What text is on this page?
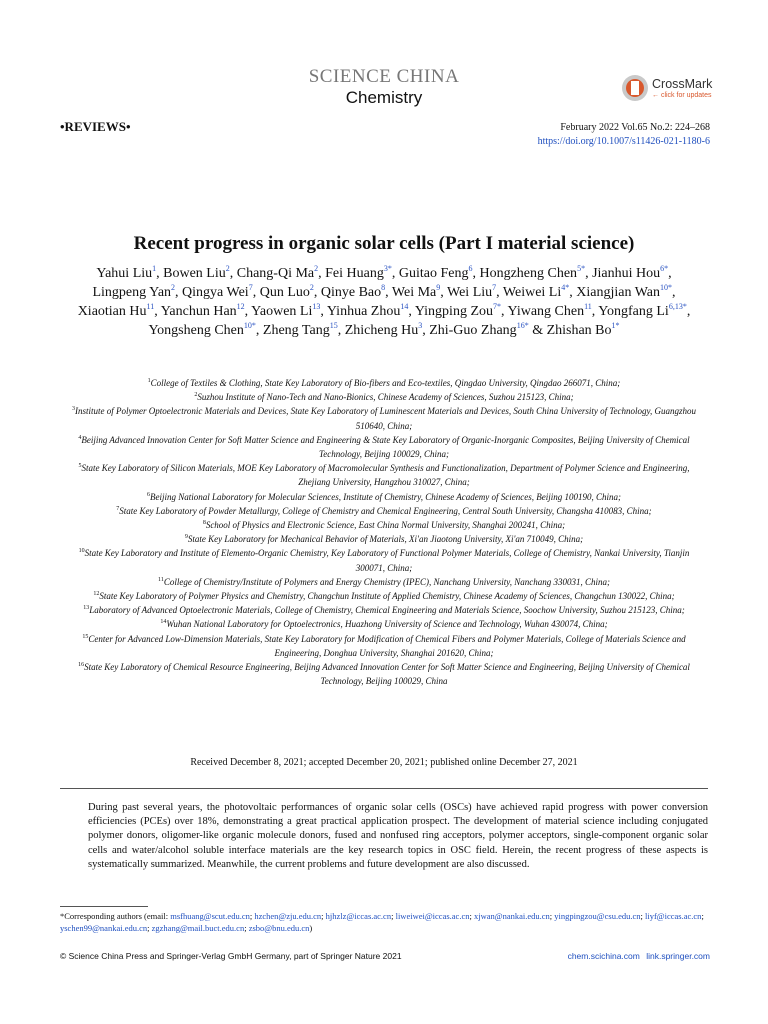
SCIENCE CHINA
Chemistry
CrossMark
← click for updates
•REVIEWS•	February 2022 Vol.65 No.2: 224–268
https://doi.org/10.1007/s11426-021-1180-6
Recent progress in organic solar cells (Part I material science)
Yahui Liu$^1$, Bowen Liu$^2$, Chang-Qi Ma$^2$, Fei Huang$^{3*}$, Guitao Feng$^6$, Hongzheng Chen$^{5*}$, Jianhui Hou$^{6*}$, Lingpeng Yan$^2$, Qingya Wei$^7$, Qun Luo$^2$, Qinye Bao$^8$, Wei Ma$^9$, Wei Liu$^7$, Weiwei $Li^{4*}$, Xiangjian Wan$^{10*}$, Xiaotian Hu$^{11}$, Yanchun Han$^{12}$, Yaowen Li$^{13}$, Yinhua Zhou$^{14}$, Yingping Zou$^{7*}$, Yiwang Chen$^{11}$, Yongfang $Li^{6,13*}$, Yongsheng Chen$^{10*}$, Zheng Tang$^{15}$, Zhicheng Hu$^3$, Zhi-Guo Zhang$^{16*}$ & Zhishan $Bo^{1*}$
$^1$College of Textiles & Clothing, State Key Laboratory of Bio-fibers and Eco-textiles, Qingdao University, Qingdao 266071, China;
$^2$Suzhou Institute of Nano-Tech and Nano-Bionics, Chinese Academy of Sciences, Suzhou 215123, China;
$^3$Institute of Polymer Optoelectronic Materials and Devices, State Key Laboratory of Luminescent Materials and Devices, South China University of Technology, Guangzhou 510640, China;
$^4$Beijing Advanced Innovation Center for Soft Matter Science and Engineering & State Key Laboratory of Organic-Inorganic Composites, Beijing University of Chemical Technology, Beijing 100029, China;
$^5$State Key Laboratory of Silicon Materials, MOE Key Laboratory of Macromolecular Synthesis and Functionalization, Department of Polymer Science and Engineering, Zhejiang University, Hangzhou 310027, China;
$^6$Beijing National Laboratory for Molecular Sciences, Institute of Chemistry, Chinese Academy of Sciences, Beijing 100190, China;
$^7$State Key Laboratory of Powder Metallurgy, College of Chemistry and Chemical Engineering, Central South University, Changsha 410083, China;
$^8$School of Physics and Electronic Science, East China Normal University, Shanghai 200241, China;
$^9$State Key Laboratory for Mechanical Behavior of Materials, Xi'an Jiaotong University, Xi'an 710049, China;
$^{10}$State Key Laboratory and Institute of Elemento-Organic Chemistry, Key Laboratory of Functional Polymer Materials, College of Chemistry, Nankai University, Tianjin 300071, China;
$^{11}$College of Chemistry/Institute of Polymers and Energy Chemistry (IPEC), Nanchang University, Nanchang 330031, China;
$^{12}$State Key Laboratory of Polymer Physics and Chemistry, Changchun Institute of Applied Chemistry, Chinese Academy of Sciences, Changchun 130022, China;
$^{13}$Laboratory of Advanced Optoelectronic Materials, College of Chemistry, Chemical Engineering and Materials Science, Soochow University, Suzhou 215123, China;
$^{14}$Wuhan National Laboratory for Optoelectronics, Huazhong University of Science and Technology, Wuhan 430074, China;
$^{15}$Center for Advanced Low-Dimension Materials, State Key Laboratory for Modification of Chemical Fibers and Polymer Materials, College of Materials Science and Engineering, Donghua University, Shanghai 201620, China;
$^{16}$State Key Laboratory of Chemical Resource Engineering, Beijing Advanced Innovation Center for Soft Matter Science and Engineering, Beijing University of Chemical Technology, Beijing 100029, China
Received December 8, 2021; accepted December 20, 2021; published online December 27, 2021
During past several years, the photovoltaic performances of organic solar cells (OSCs) have achieved rapid progress with power conversion efficiencies (PCEs) over 18%, demonstrating a great practical application prospect. The development of material science including conjugated polymer donors, oligomer-like organic molecule donors, fused and nonfused ring acceptors, polymer acceptors, single-component organic solar cells and water/alcohol soluble interface materials are the key research topics in OSC field. Herein, the recent progress of these aspects is systematically summarized. Meanwhile, the current problems and future development are also discussed.
*Corresponding authors (email: msfhuang@scut.edu.cn; hzchen@zju.edu.cn; hjhzlz@iccas.ac.cn; liweiwei@iccas.ac.cn; xjwan@nankai.edu.cn; yingpingzou@csu.edu.cn; liyf@iccas.ac.cn; yschen99@nankai.edu.cn; zgzhang@mail.buct.edu.cn; zsbo@bnu.edu.cn)
© Science China Press and Springer-Verlag GmbH Germany, part of Springer Nature 2021	chem.scichina.com link.springer.com
